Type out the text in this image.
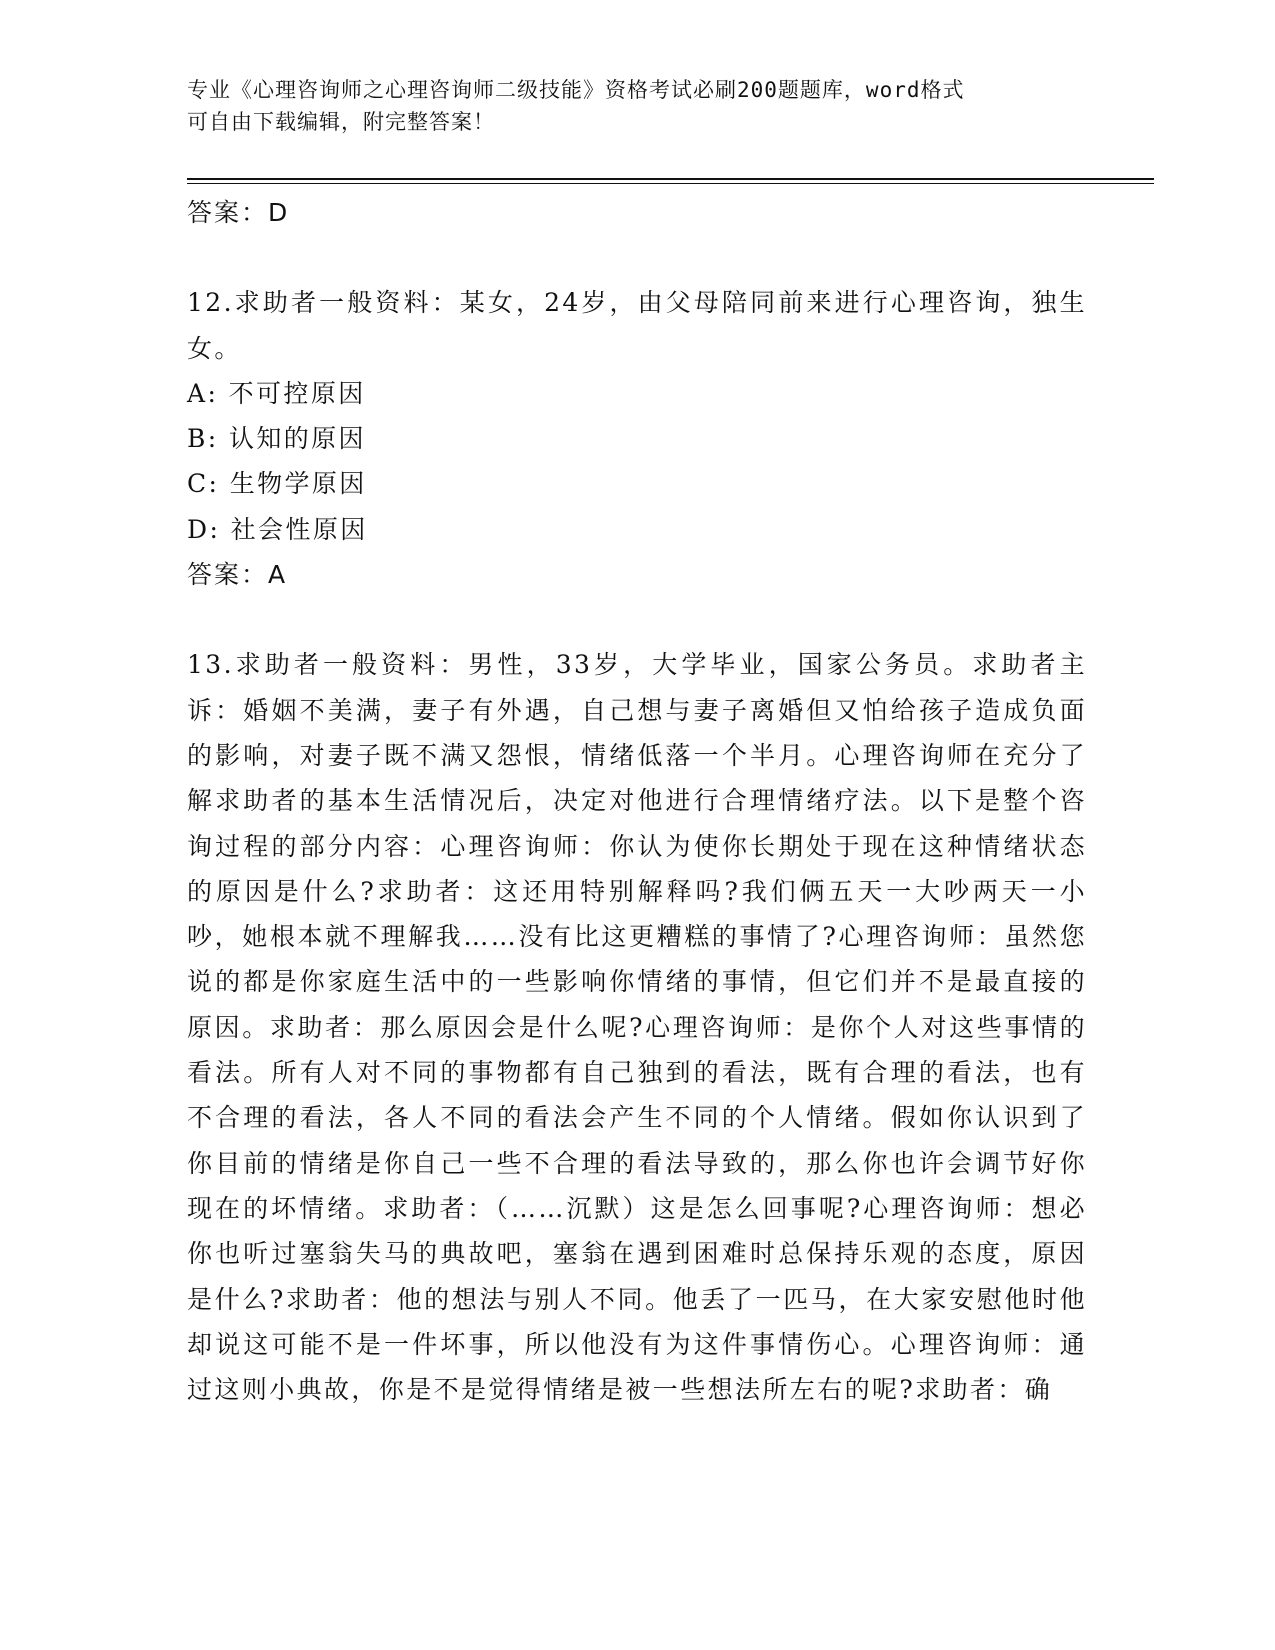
专业《心理咨询师之心理咨询师二级技能》资格考试必刷200题题库，word格式
可自由下载编辑，附完整答案！
答案：D
12.求助者一般资料：某女，24岁，由父母陪同前来进行心理咨询，独生女。
A: 不可控原因
B: 认知的原因
C: 生物学原因
D: 社会性原因
答案：A
13.求助者一般资料：男性，33岁，大学毕业，国家公务员。求助者主诉：婚姻不美满，妻子有外遇，自己想与妻子离婚但又怕给孩子造成负面的影响，对妻子既不满又怨恨，情绪低落一个半月。心理咨询师在充分了解求助者的基本生活情况后，决定对他进行合理情绪疗法。以下是整个咨询过程的部分内容：心理咨询师：你认为使你长期处于现在这种情绪状态的原因是什么?求助者：这还用特别解释吗?我们俩五天一大吵两天一小吵，她根本就不理解我……没有比这更糟糕的事情了?心理咨询师：虽然您说的都是你家庭生活中的一些影响你情绪的事情，但它们并不是最直接的原因。求助者：那么原因会是什么呢?心理咨询师：是你个人对这些事情的看法。所有人对不同的事物都有自己独到的看法，既有合理的看法，也有不合理的看法，各人不同的看法会产生不同的个人情绪。假如你认识到了你目前的情绪是你自己一些不合理的看法导致的，那么你也许会调节好你现在的坏情绪。求助者：（……沉默）这是怎么回事呢?心理咨询师：想必你也听过塞翁失马的典故吧，塞翁在遇到困难时总保持乐观的态度，原因是什么?求助者：他的想法与别人不同。他丢了一匹马，在大家安慰他时他却说这可能不是一件坏事，所以他没有为这件事情伤心。心理咨询师：通过这则小典故，你是不是觉得情绪是被一些想法所左右的呢?求助者：确
